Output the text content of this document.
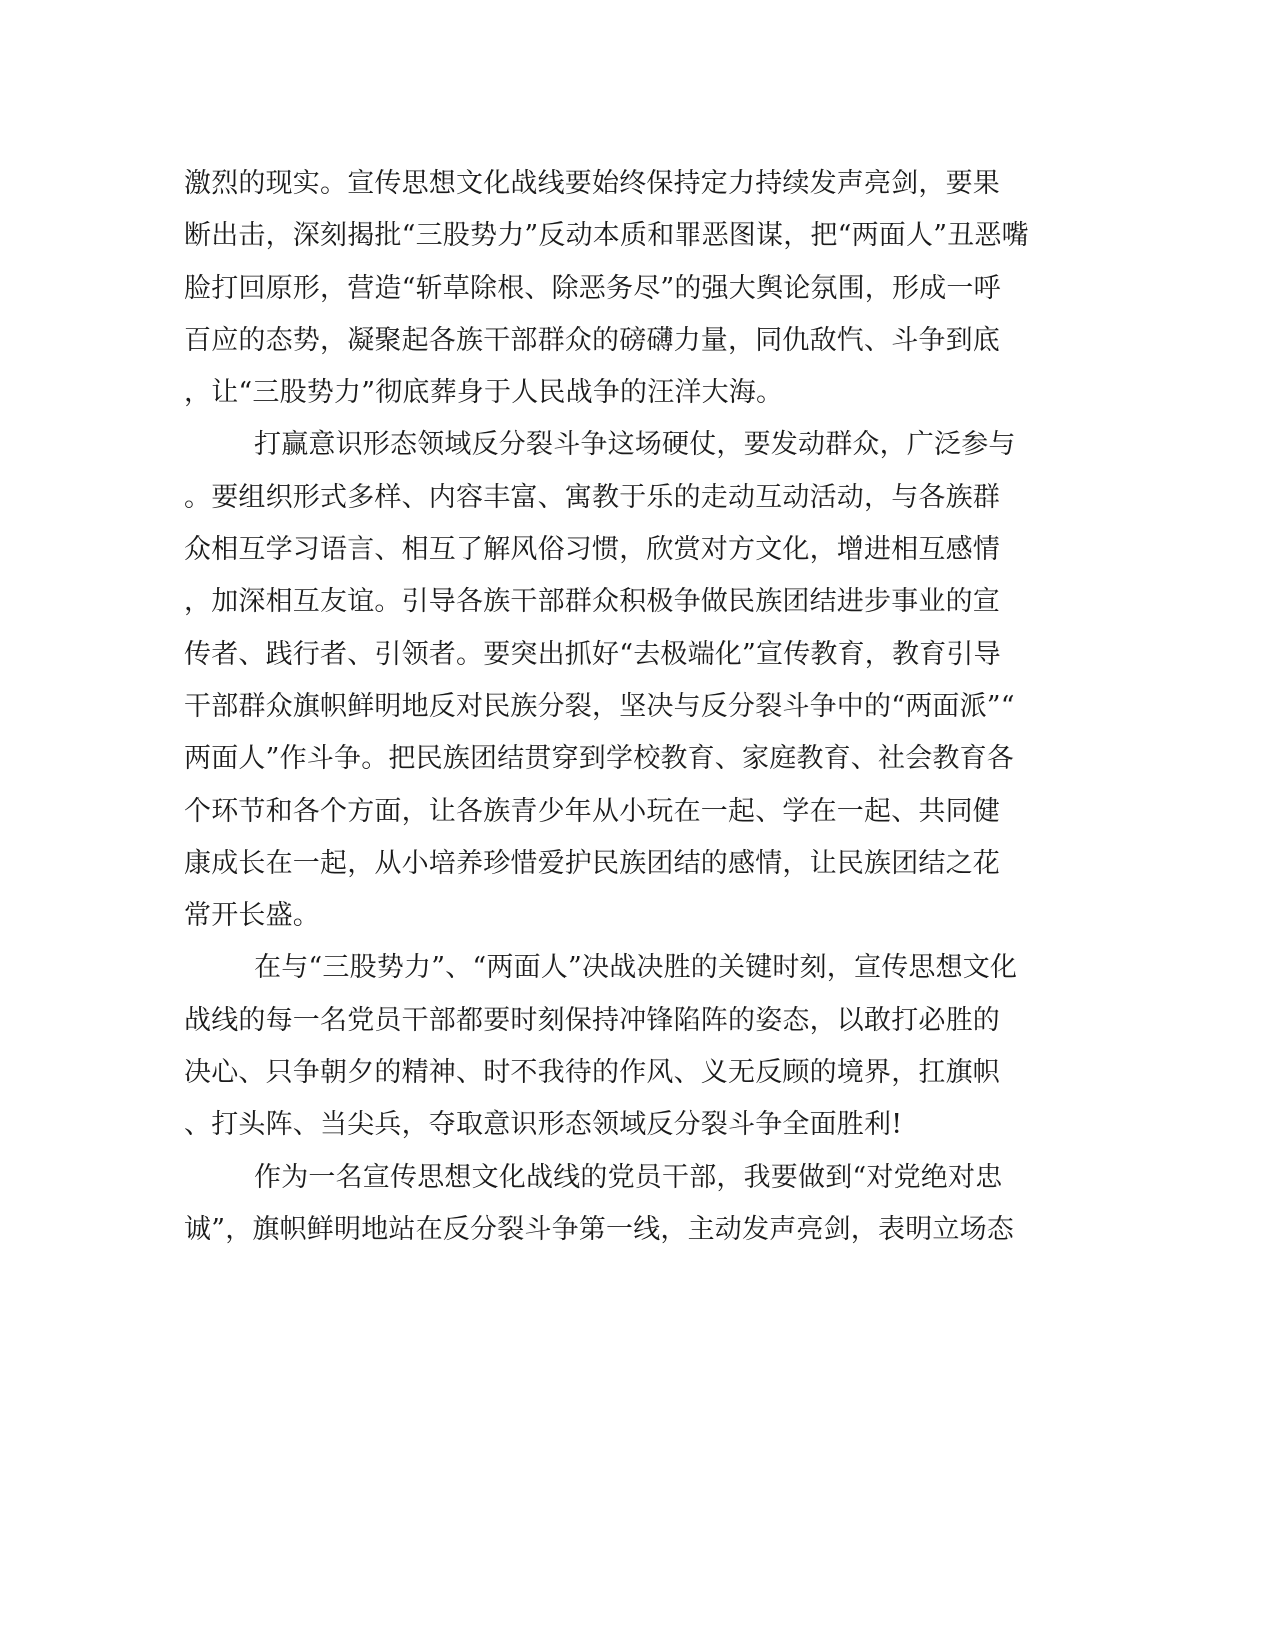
激烈的现实。宣传思想文化战线要始终保持定力持续发声亮剑，要果
断出击，深刻揭批“三股势力”反动本质和罪恶图谋，把“两面人”丑恶嘴
脸打回原形，营造“斩草除根、除恶务尽”的强大舆论氛围，形成一呼
百应的态势，凝聚起各族干部群众的磅礴力量，同仇敌忾、斗争到底
，让“三股势力”彻底葬身于人民战争的汪洋大海。
打赢意识形态领域反分裂斗争这场硬仗，要发动群众，广泛参与
。要组织形式多样、内容丰富、寓教于乐的走动互动活动，与各族群
众相互学习语言、相互了解风俗习惯，欣赏对方文化，增进相互感情
，加深相互友谊。引导各族干部群众积极争做民族团结进步事业的宣
传者、践行者、引领者。要突出抓好“去极端化”宣传教育，教育引导
干部群众旗帜鲜明地反对民族分裂，坚决与反分裂斗争中的“两面派”“
两面人”作斗争。把民族团结贯穿到学校教育、家庭教育、社会教育各
个环节和各个方面，让各族青少年从小玩在一起、学在一起、共同健
康成长在一起，从小培养珍惜爱护民族团结的感情，让民族团结之花
常开长盛。
在与“三股势力”、“两面人”决战决胜的关键时刻，宣传思想文化
战线的每一名党员干部都要时刻保持冲锋陷阵的姿态，以敢打必胜的
决心、只争朝夕的精神、时不我待的作风、义无反顾的境界，扛旗帜
、打头阵、当尖兵，夺取意识形态领域反分裂斗争全面胜利!
作为一名宣传思想文化战线的党员干部，我要做到“对党绝对忠
诚”，旗帜鲜明地站在反分裂斗争第一线，主动发声亮剑，表明立场态
